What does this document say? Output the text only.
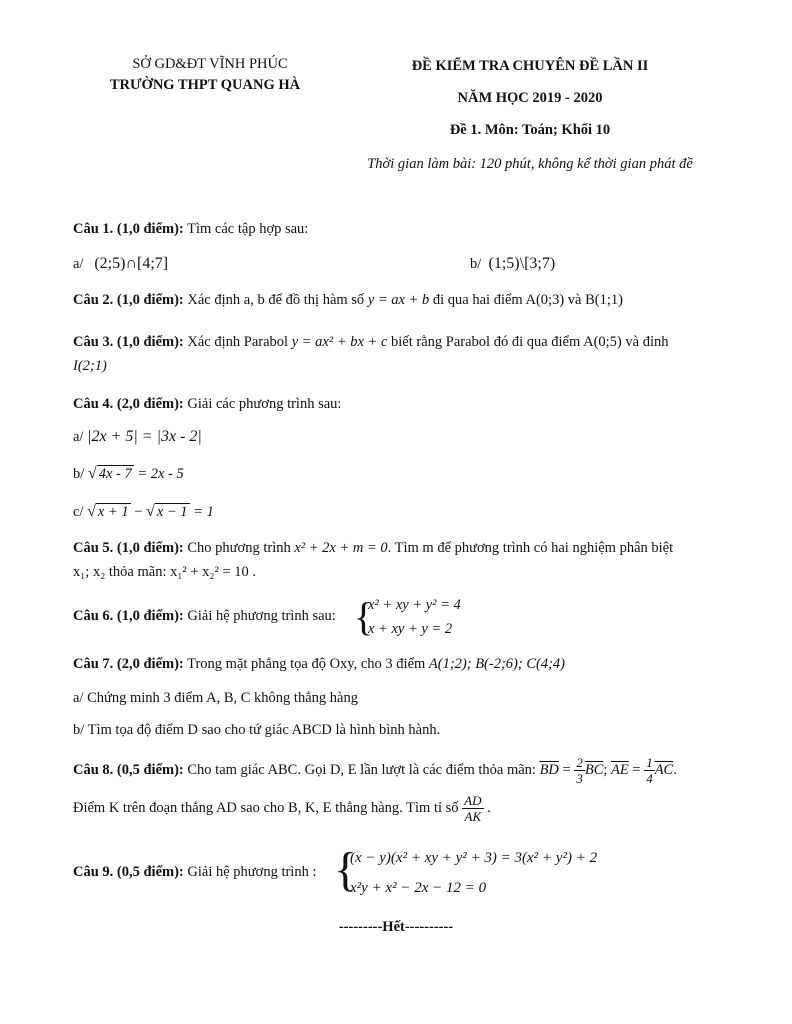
SỞ GD&ĐT VĨNH PHÚC
TRƯỜNG THPT QUANG HÀ
ĐỀ KIỂM TRA CHUYÊN ĐỀ LẦN II
NĂM HỌC 2019 - 2020
Đề 1. Môn: Toán; Khối 10
Thời gian làm bài: 120 phút, không kể thời gian phát đề
Câu 1. (1,0 điểm): Tìm các tập hợp sau:
a/ (2;5)∩[4;7]	b/ (1;5)\[3;7)
Câu 2. (1,0 điểm): Xác định a, b để đồ thị hàm số y = ax + b đi qua hai điểm A(0;3) và B(1;1)
Câu 3. (1,0 điểm): Xác định Parabol y = ax² + bx + c biết rằng Parabol đó đi qua điểm A(0;5) và đỉnh
I(2;1)
Câu 4. (2,0 điểm): Giải các phương trình sau:
a/ |2x + 5| = |3x - 2|
b/ √ 4x - 7 = 2x - 5
c/ √ x + 1 − √ x − 1 = 1
Câu 5. (1,0 điểm): Cho phương trình x² + 2x + m = 0. Tìm m để phương trình có hai nghiệm phân biệt
x₁; x₂ thỏa mãn: x₁² + x₂² = 10 .
Câu 6. (1,0 điểm): Giải hệ phương trình sau: {
x² + xy + y² = 4
x + xy + y = 2
Câu 7. (2,0 điểm): Trong mặt phẳng tọa độ Oxy, cho 3 điểm A(1;2); B(-2;6); C(4;4)
a/ Chứng minh 3 điểm A, B, C không thẳng hàng
b/ Tìm tọa độ điểm D sao cho tứ giác ABCD là hình bình hành.
Câu 8. (0,5 điểm): Cho tam giác ABC. Gọi D, E lần lượt là các điểm thỏa mãn: $\overline{BD} = \frac{2}{3} \overline{BC}$; $\overline{AE} = \frac{1}{4} \overline{AC}$.
Điểm K trên đoạn thẳng AD sao cho B, K, E thẳng hàng. Tìm tỉ số $\frac{AD}{AK}$ .
Câu 9. (0,5 điểm): Giải hệ phương trình : {
(x − y)(x² + xy + y² + 3) = 3(x² + y²) + 2
x²y + x² − 2x − 12 = 0
---------Hết----------
